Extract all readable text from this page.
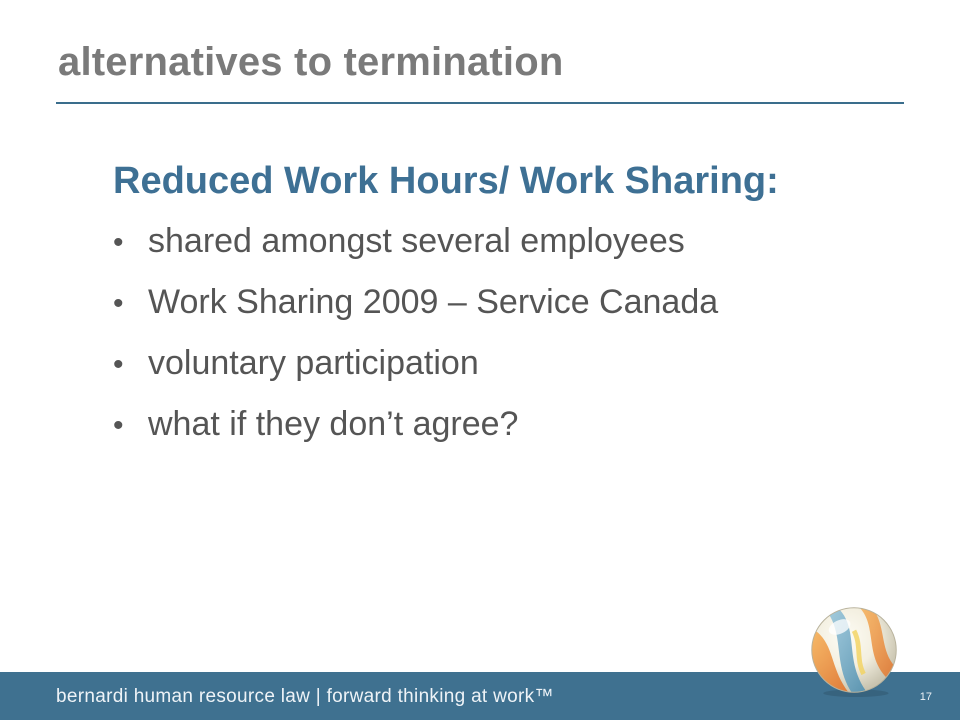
alternatives to termination
Reduced Work Hours/ Work Sharing:
• shared amongst several employees
• Work Sharing 2009 – Service Canada
• voluntary participation
• what if they don’t agree?
bernardi human resource law | forward thinking at work™	17
